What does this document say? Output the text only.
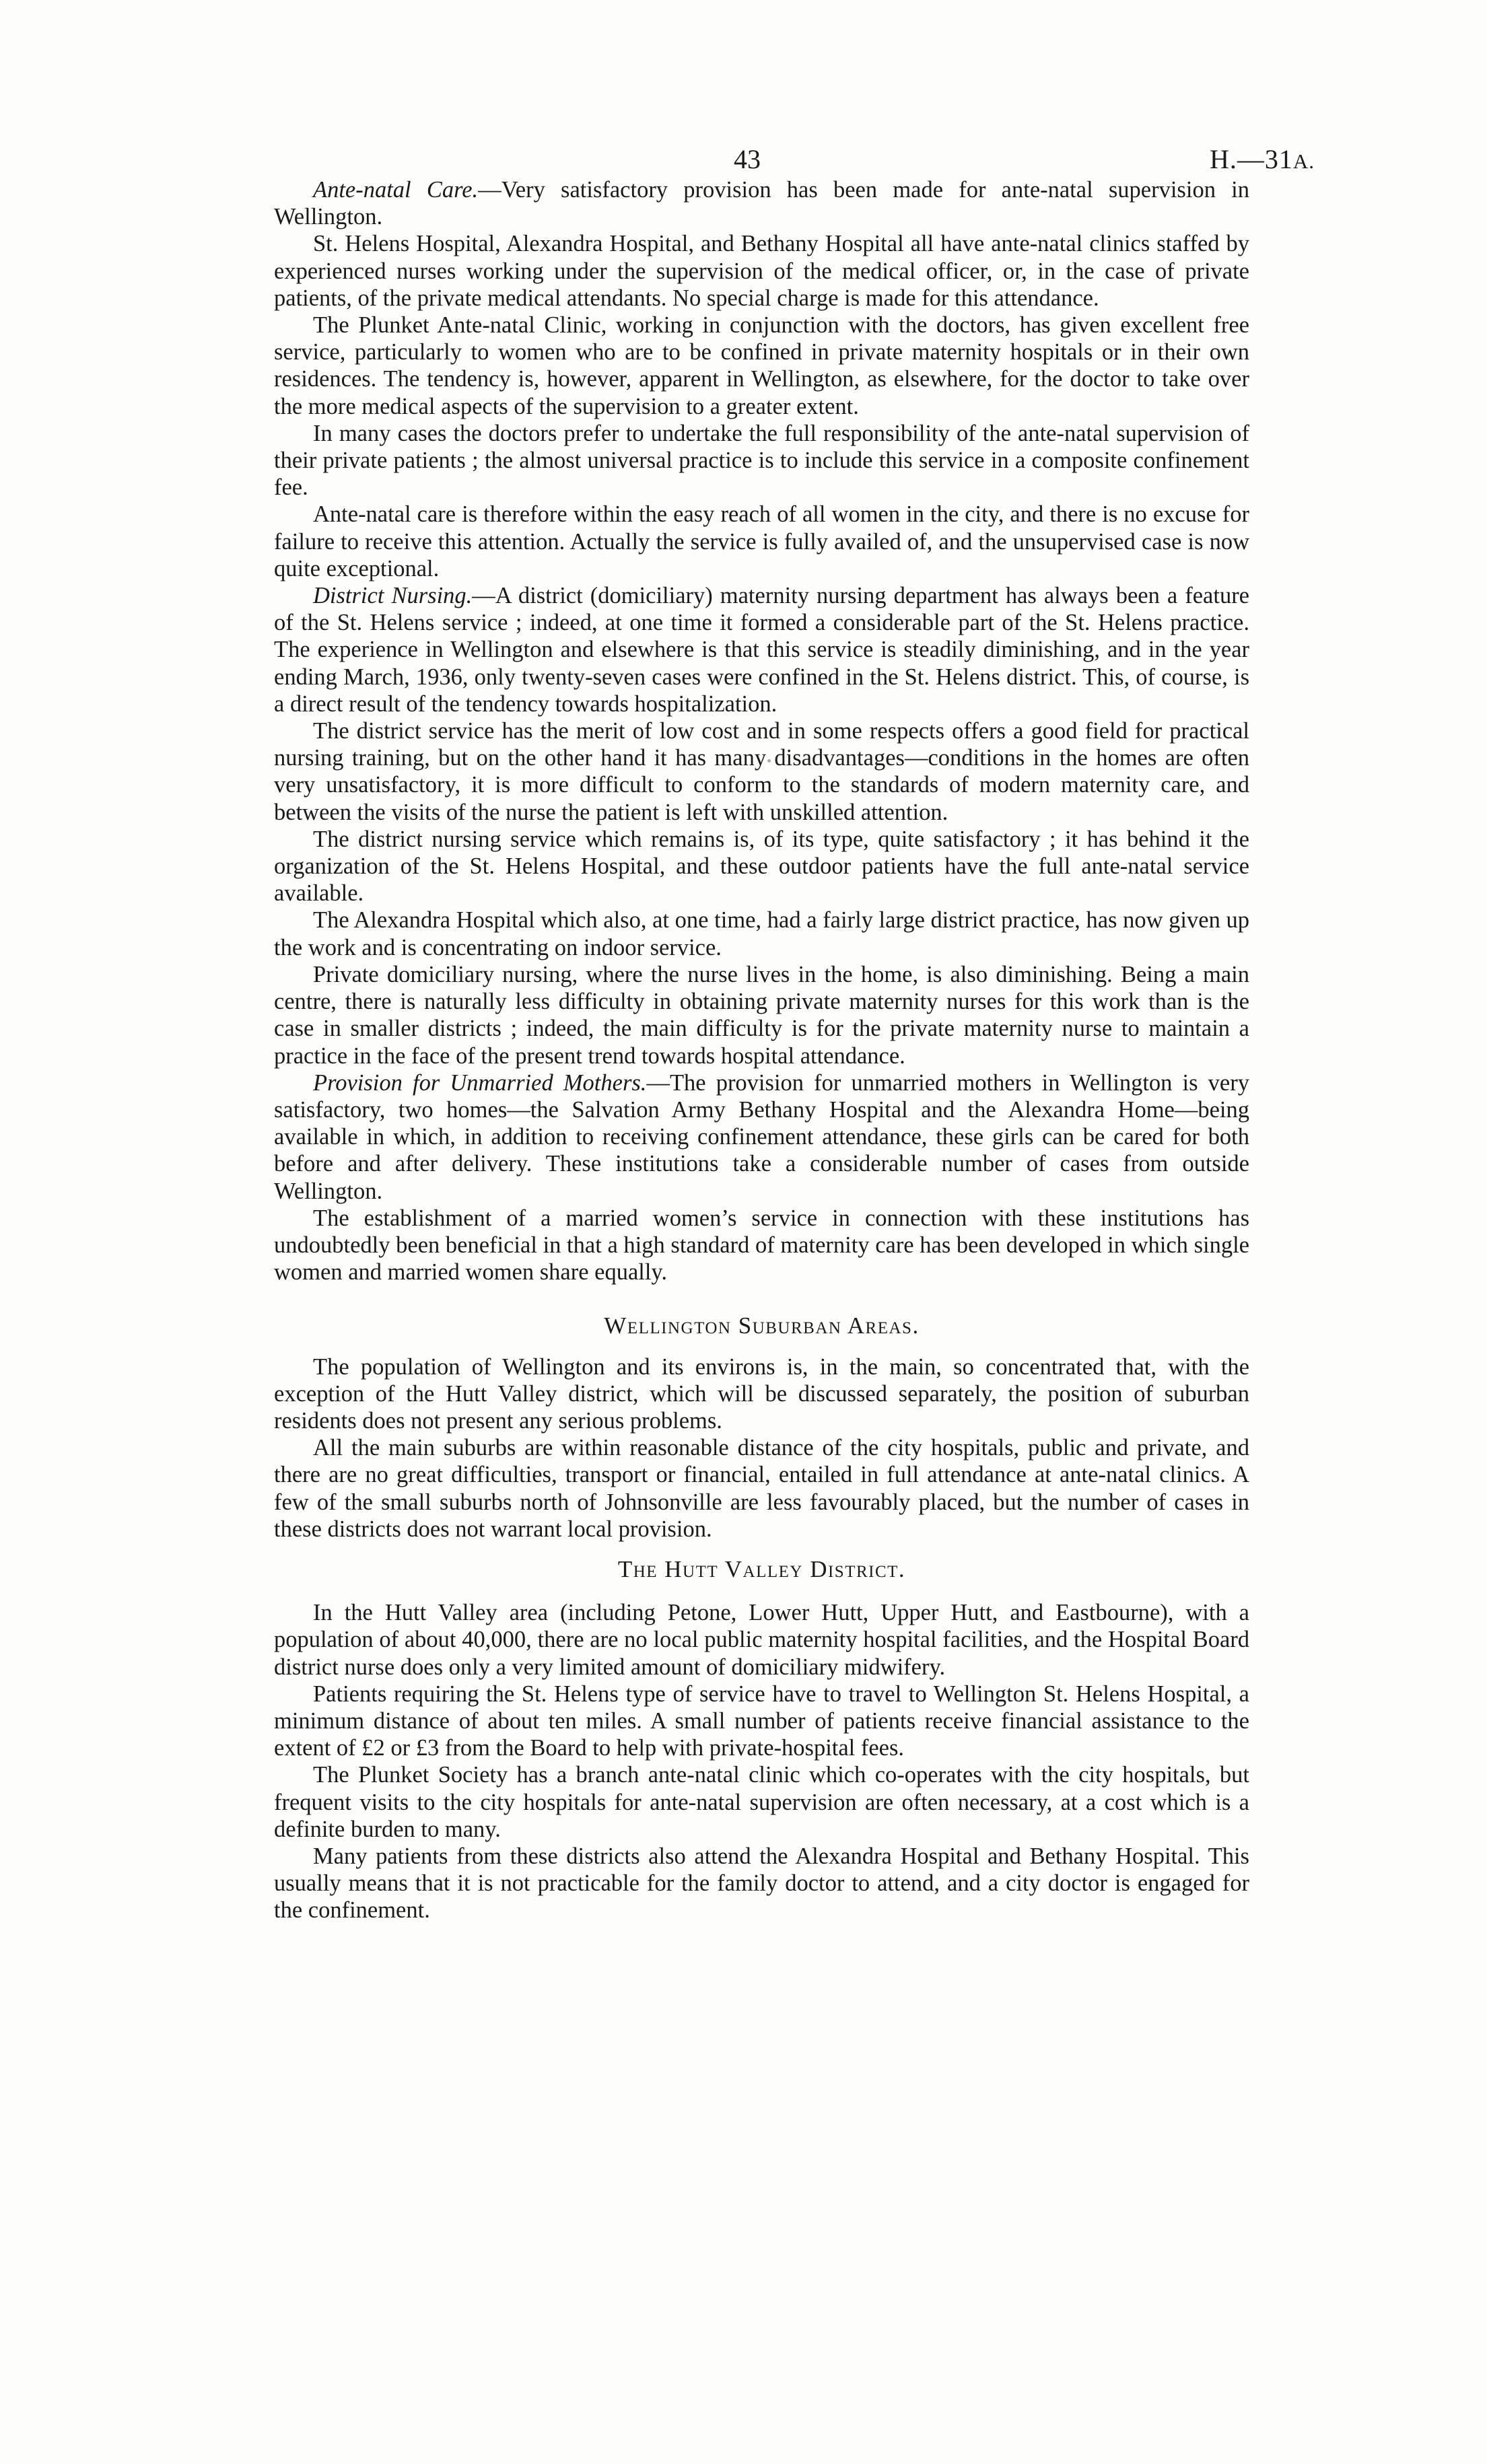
43	H.—31A.

Ante-natal Care.—Very satisfactory provision has been made for ante-natal supervision in Wellington.

St. Helens Hospital, Alexandra Hospital, and Bethany Hospital all have ante-natal clinics staffed by experienced nurses working under the supervision of the medical officer, or, in the case of private patients, of the private medical attendants. No special charge is made for this attendance.

The Plunket Ante-natal Clinic, working in conjunction with the doctors, has given excellent free service, particularly to women who are to be confined in private maternity hospitals or in their own residences. The tendency is, however, apparent in Wellington, as elsewhere, for the doctor to take over the more medical aspects of the supervision to a greater extent.

In many cases the doctors prefer to undertake the full responsibility of the ante-natal supervision of their private patients ; the almost universal practice is to include this service in a composite confinement fee.

Ante-natal care is therefore within the easy reach of all women in the city, and there is no excuse for failure to receive this attention. Actually the service is fully availed of, and the unsupervised case is now quite exceptional.

District Nursing.—A district (domiciliary) maternity nursing department has always been a feature of the St. Helens service ; indeed, at one time it formed a considerable part of the St. Helens practice. The experience in Wellington and elsewhere is that this service is steadily diminishing, and in the year ending March, 1936, only twenty-seven cases were confined in the St. Helens district. This, of course, is a direct result of the tendency towards hospitalization.

The district service has the merit of low cost and in some respects offers a good field for practical nursing training, but on the other hand it has many disadvantages—conditions in the homes are often very unsatisfactory, it is more difficult to conform to the standards of modern maternity care, and between the visits of the nurse the patient is left with unskilled attention.

The district nursing service which remains is, of its type, quite satisfactory ; it has behind it the organization of the St. Helens Hospital, and these outdoor patients have the full ante-natal service available.

The Alexandra Hospital which also, at one time, had a fairly large district practice, has now given up the work and is concentrating on indoor service.

Private domiciliary nursing, where the nurse lives in the home, is also diminishing. Being a main centre, there is naturally less difficulty in obtaining private maternity nurses for this work than is the case in smaller districts ; indeed, the main difficulty is for the private maternity nurse to maintain a practice in the face of the present trend towards hospital attendance.

Provision for Unmarried Mothers.—The provision for unmarried mothers in Wellington is very satisfactory, two homes—the Salvation Army Bethany Hospital and the Alexandra Home—being available in which, in addition to receiving confinement attendance, these girls can be cared for both before and after delivery. These institutions take a considerable number of cases from outside Wellington.

The establishment of a married women’s service in connection with these institutions has undoubtedly been beneficial in that a high standard of maternity care has been developed in which single women and married women share equally.

Wellington Suburban Areas.

The population of Wellington and its environs is, in the main, so concentrated that, with the exception of the Hutt Valley district, which will be discussed separately, the position of suburban residents does not present any serious problems.

All the main suburbs are within reasonable distance of the city hospitals, public and private, and there are no great difficulties, transport or financial, entailed in full attendance at ante-natal clinics. A few of the small suburbs north of Johnsonville are less favourably placed, but the number of cases in these districts does not warrant local provision.

The Hutt Valley District.

In the Hutt Valley area (including Petone, Lower Hutt, Upper Hutt, and Eastbourne), with a population of about 40,000, there are no local public maternity hospital facilities, and the Hospital Board district nurse does only a very limited amount of domiciliary midwifery.

Patients requiring the St. Helens type of service have to travel to Wellington St. Helens Hospital, a minimum distance of about ten miles. A small number of patients receive financial assistance to the extent of £2 or £3 from the Board to help with private-hospital fees.

The Plunket Society has a branch ante-natal clinic which co-operates with the city hospitals, but frequent visits to the city hospitals for ante-natal supervision are often necessary, at a cost which is a definite burden to many.

Many patients from these districts also attend the Alexandra Hospital and Bethany Hospital. This usually means that it is not practicable for the family doctor to attend, and a city doctor is engaged for the confinement.
